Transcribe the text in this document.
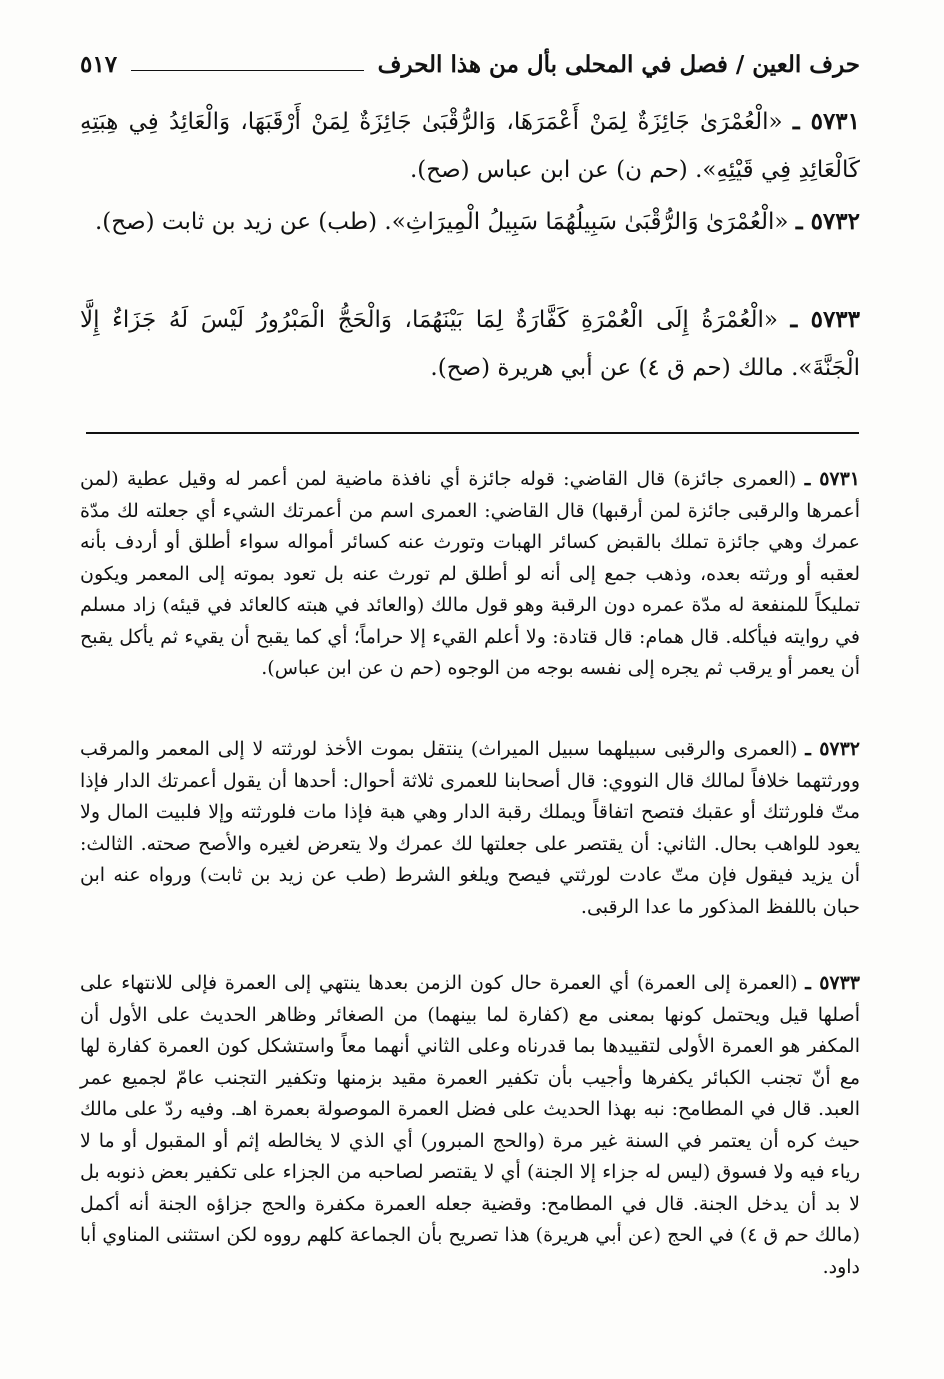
حرف العين / فصل في المحلى بأل من هذا الحرف
٥١٧
٥٧٣١ ـ «الْعُمْرَىٰ جَائِزَةٌ لِمَنْ أَعْمَرَهَا، وَالرُّقْبَىٰ جَائِزَةٌ لِمَنْ أَرْقَبَهَا، وَالْعَائِدُ فِي هِبَتِهِ كَالْعَائِدِ فِي قَيْئِهِ». (حم ن) عن ابن عباس (صح).
٥٧٣٢ ـ «الْعُمْرَىٰ وَالرُّقْبَىٰ سَبِيلُهُمَا سَبِيلُ الْمِيرَاثِ». (طب) عن زيد بن ثابت (صح).
٥٧٣٣ ـ «الْعُمْرَةُ إِلَى الْعُمْرَةِ كَفَّارَةٌ لِمَا بَيْنَهُمَا، وَالْحَجُّ الْمَبْرُورُ لَيْسَ لَهُ جَزَاءٌ إِلَّا الْجَنَّةَ». مالك (حم ق ٤) عن أبي هريرة (صح).
٥٧٣١ ـ (العمرى جائزة) قال القاضي: قوله جائزة أي نافذة ماضية لمن أعمر له وقيل عطية (لمن أعمرها والرقبى جائزة لمن أرقبها) قال القاضي: العمرى اسم من أعمرتك الشيء أي جعلته لك مدّة عمرك وهي جائزة تملك بالقبض كسائر الهبات وتورث عنه كسائر أمواله سواء أطلق أو أردف بأنه لعقبه أو ورثته بعده، وذهب جمع إلى أنه لو أطلق لم تورث عنه بل تعود بموته إلى المعمر ويكون تمليكاً للمنفعة له مدّة عمره دون الرقبة وهو قول مالك (والعائد في هبته كالعائد في قيئه) زاد مسلم في روايته فيأكله. قال همام: قال قتادة: ولا أعلم القيء إلا حراماً؛ أي كما يقبح أن يقيء ثم يأكل يقبح أن يعمر أو يرقب ثم يجره إلى نفسه بوجه من الوجوه (حم ن عن ابن عباس).
٥٧٣٢ ـ (العمرى والرقبى سبيلهما سبيل الميراث) ينتقل بموت الأخذ لورثته لا إلى المعمر والمرقب وورثتهما خلافاً لمالك قال النووي: قال أصحابنا للعمرى ثلاثة أحوال: أحدها أن يقول أعمرتك الدار فإذا متّ فلورثتك أو عقبك فتصح اتفاقاً ويملك رقبة الدار وهي هبة فإذا مات فلورثته وإلا فلبيت المال ولا يعود للواهب بحال. الثاني: أن يقتصر على جعلتها لك عمرك ولا يتعرض لغيره والأصح صحته. الثالث: أن يزيد فيقول فإن متّ عادت لورثتي فيصح ويلغو الشرط (طب عن زيد بن ثابت) ورواه عنه ابن حبان باللفظ المذكور ما عدا الرقبى.
٥٧٣٣ ـ (العمرة إلى العمرة) أي العمرة حال كون الزمن بعدها ينتهي إلى العمرة فإلى للانتهاء على أصلها قيل ويحتمل كونها بمعنى مع (كفارة لما بينهما) من الصغائر وظاهر الحديث على الأول أن المكفر هو العمرة الأولى لتقييدها بما قدرناه وعلى الثاني أنهما معاً واستشكل كون العمرة كفارة لها مع أنّ تجنب الكبائر يكفرها وأجيب بأن تكفير العمرة مقيد بزمنها وتكفير التجنب عامّ لجميع عمر العبد. قال في المطامح: نبه بهذا الحديث على فضل العمرة الموصولة بعمرة اهـ. وفيه ردّ على مالك حيث كره أن يعتمر في السنة غير مرة (والحج المبرور) أي الذي لا يخالطه إثم أو المقبول أو ما لا رياء فيه ولا فسوق (ليس له جزاء إلا الجنة) أي لا يقتصر لصاحبه من الجزاء على تكفير بعض ذنوبه بل لا بد أن يدخل الجنة. قال في المطامح: وقضية جعله العمرة مكفرة والحج جزاؤه الجنة أنه أكمل (مالك حم ق ٤) في الحج (عن أبي هريرة) هذا تصريح بأن الجماعة كلهم رووه لكن استثنى المناوي أبا داود.
